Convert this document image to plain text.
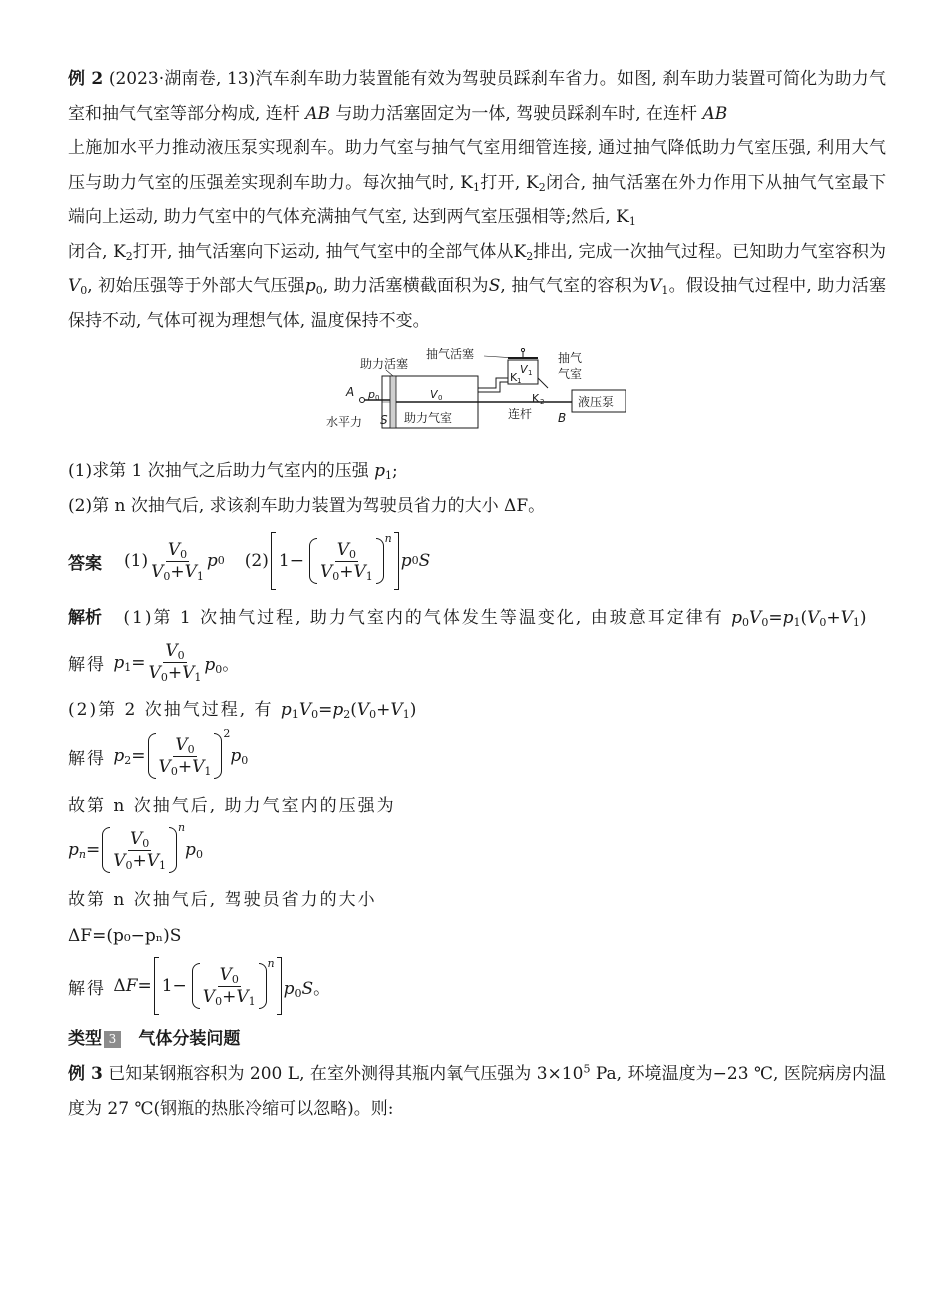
例 2 (2023·湖南卷, 13)汽车刹车助力装置能有效为驾驶员踩刹车省力。如图, 刹车助力装置可简化为助力气室和抽气气室等部分构成, 连杆 AB 与助力活塞固定为一体, 驾驶员踩刹车时, 在连杆 AB
上施加水平力推动液压泵实现刹车。助力气室与抽气气室用细管连接, 通过抽气降低助力气室压强, 利用大气压与助力气室的压强差实现刹车助力。每次抽气时, $K_1$打开, $K_2$闭合, 抽气活塞在外力作用下从抽气气室最下端向上运动, 助力气室中的气体充满抽气气室, 达到两气室压强相等;然后, $K_1$
闭合, $K_2$打开, 抽气活塞向下运动, 抽气气室中的全部气体从$K_2$排出, 完成一次抽气过程。已知助力气室容积为 $V_0$, 初始压强等于外部大气压强$p_0$, 助力活塞横截面积为S, 抽气气室的容积为$V_1$。假设抽气过程中, 助力活塞保持不动, 气体可视为理想气体, 温度保持不变。

助力活塞
抽气活塞	抽气
气室
K 1
V 1
K 2
p 0	V 0
A
S	B
水平力	助力气室	连杆
液压泵

(1)求第 1 次抽气之后助力气室内的压强 $p_1$;

(2)第 n 次抽气后, 求该刹车助力装置为驾驶员省力的大小 ΔF。

答案 $(1) \frac{V_0}{V_0+V_1}$ p 0 (2) $1- \frac{V_0}{V_0+V_1}$
n
p 0 S
解析 (1)第 1 次抽气过程, 助力气室内的气体发生等温变化, 由玻意耳定律有 $p_0V_0=p_1(V_0+V_1)$
解得
$p_1= \frac{V_0}{V_0+V_1} p_0$。
(2)第 2 次抽气过程, 有 $p_1V_0=p_2(V_0+V_1)$
解得
$p_2= \frac{V_0}{V_0+V_1}$
2
$p_0$
故第 n 次抽气后, 助力气室内的压强为
$p_n= \frac{V_0}{V_0+V_1}$
n
$p_0$
故第 n 次抽气后, 驾驶员省力的大小
ΔF=(p₀−pₙ)S
解得
$\Delta F= 1- \frac{V_0}{V_0+V_1}$
n
$p_0S$。
类型 3 气体分装问题

例 3 已知某钢瓶容积为 200 L, 在室外测得其瓶内氧气压强为 $3\times 10^5$ Pa, 环境温度为−23 ℃, 医院病房内温度为 27 ℃(钢瓶的热胀冷缩可以忽略)。则:
